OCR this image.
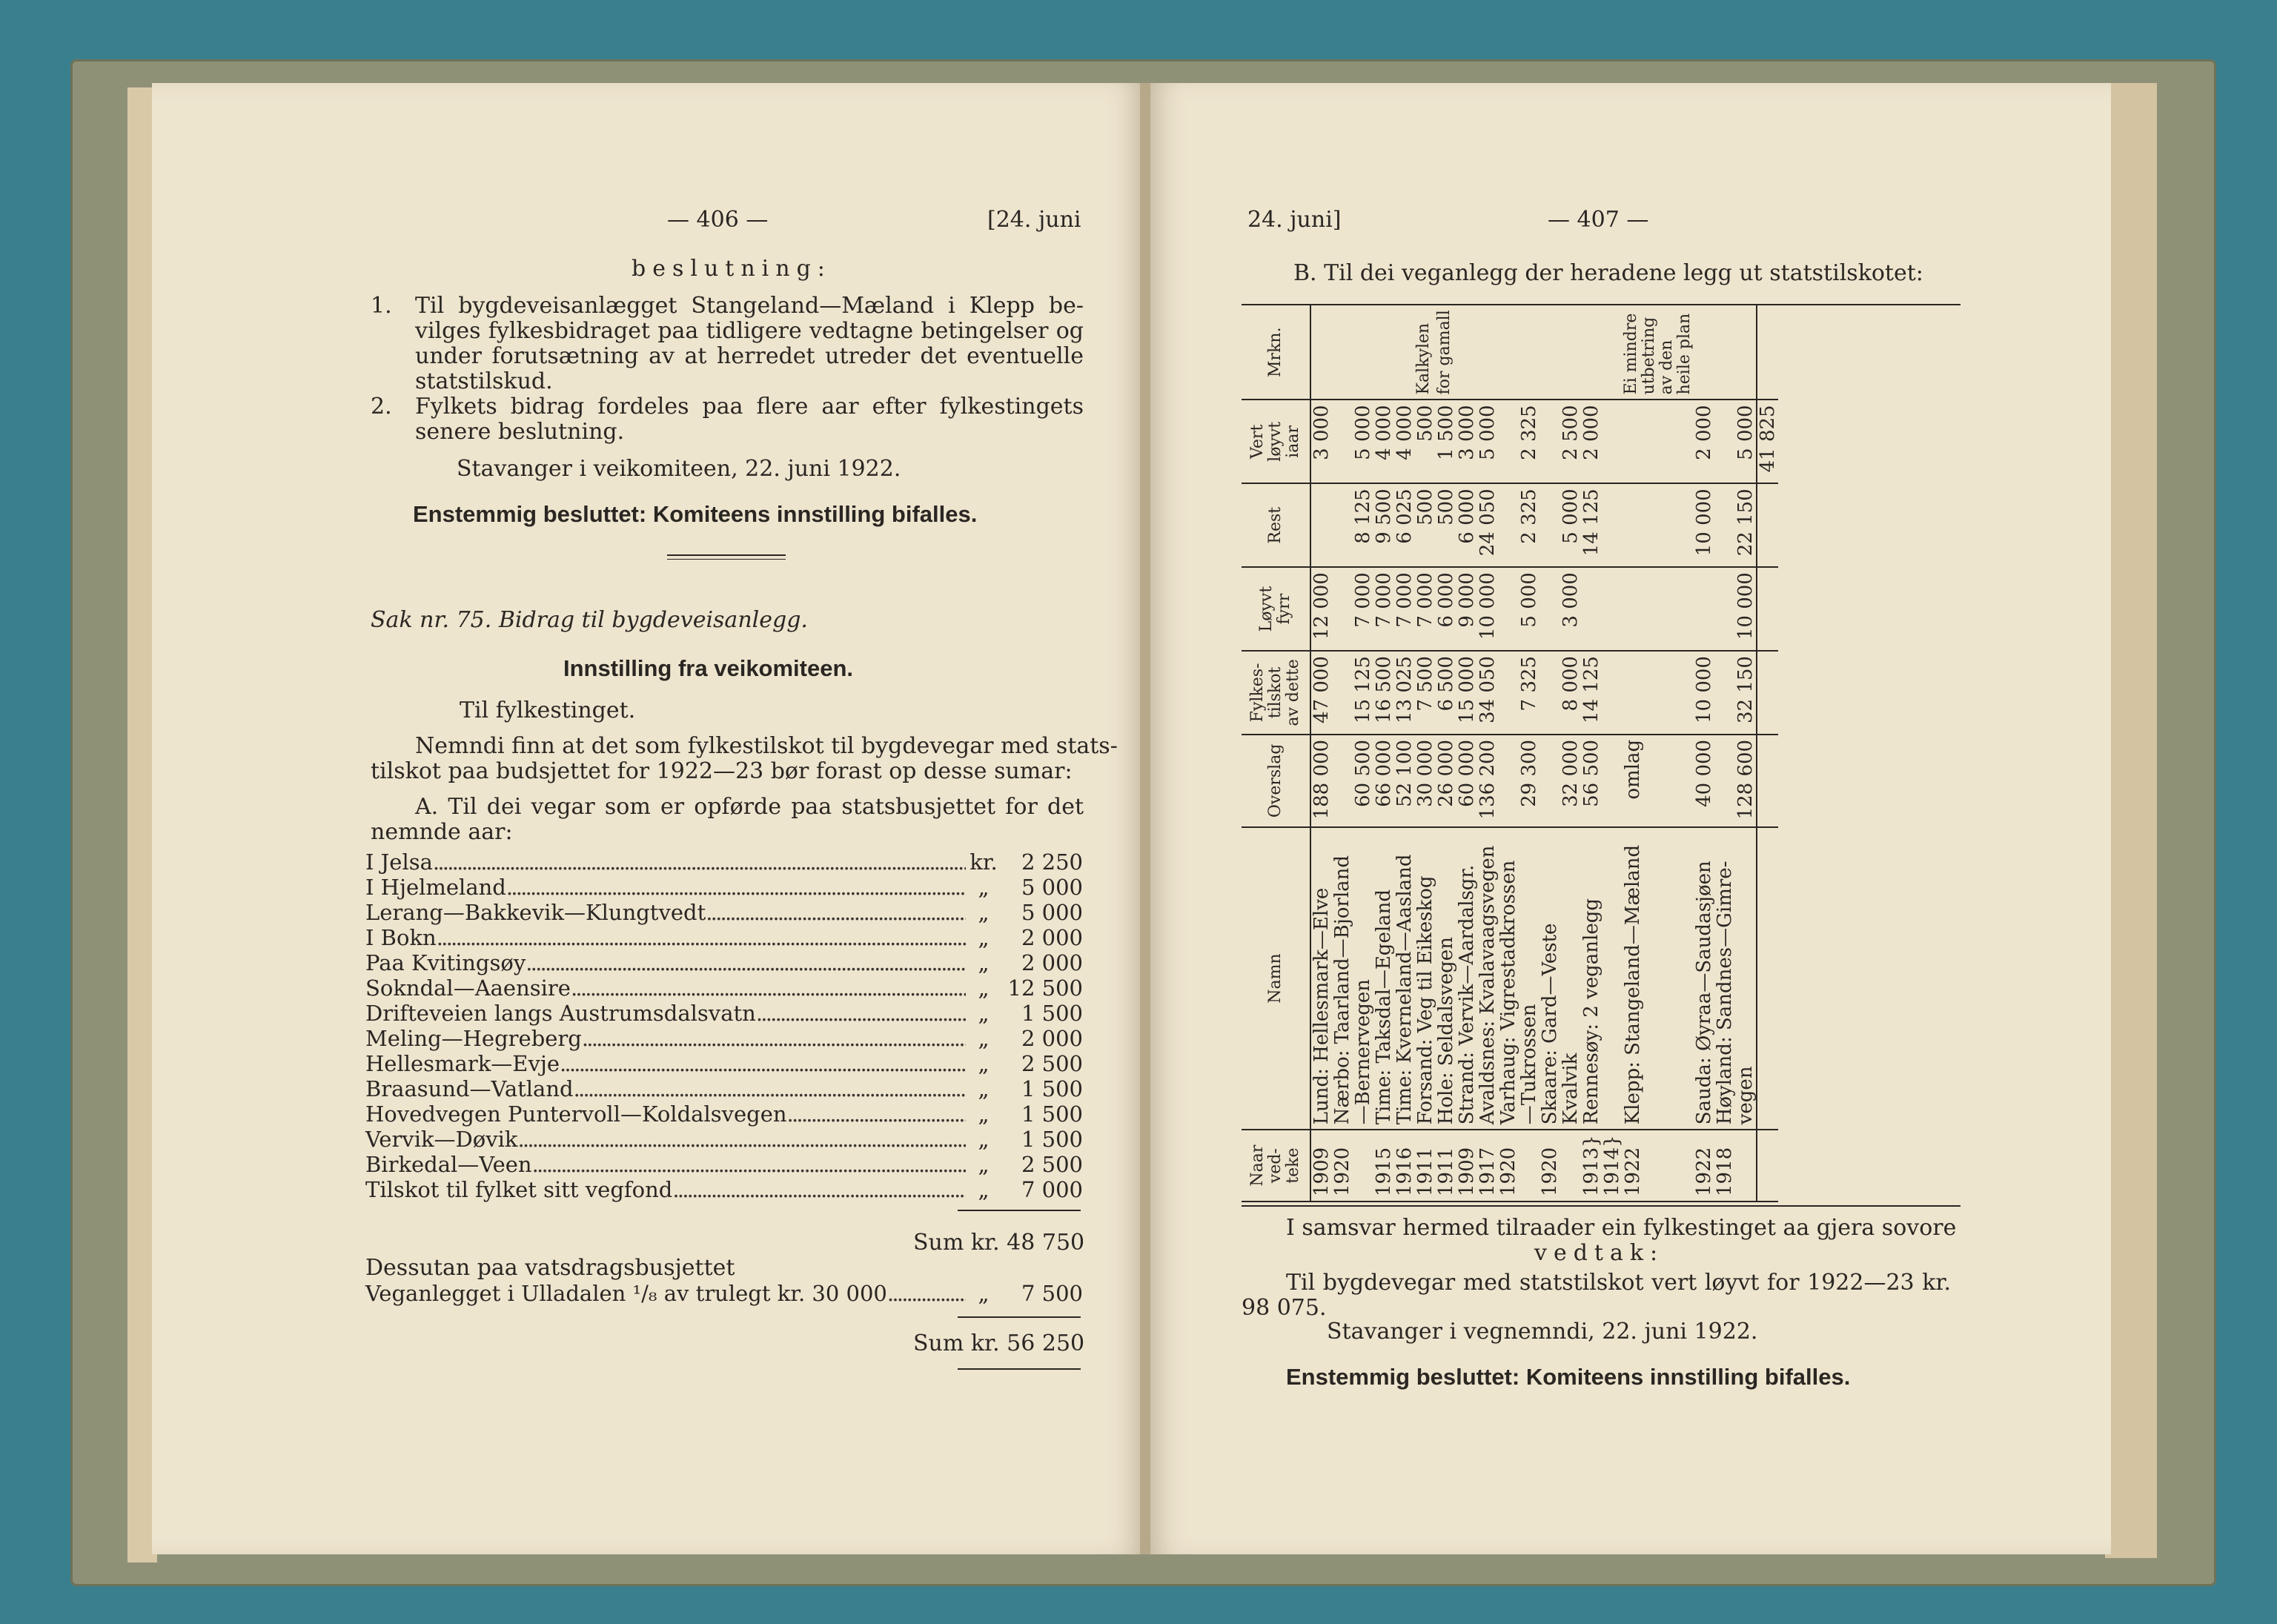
— 406 —	[24. juni
beslutning:
1. Til bygdeveisanlægget Stangeland—Mæland i Klepp be-
vilges fylkesbidraget paa tidligere vedtagne betingelser og
under forutsætning av at herredet utreder det eventuelle
statstilskud.
2. Fylkets bidrag fordeles paa flere aar efter fylkestingets
senere beslutning.
Stavanger i veikomiteen, 22. juni 1922.
Enstemmig besluttet: Komiteens innstilling bifalles.
Sak nr. 75. Bidrag til bygdeveisanlegg.
Innstilling fra veikomiteen.
Til fylkestinget.
Nemndi finn at det som fylkestilskot til bygdevegar med stats-
tilskot paa budsjettet for 1922—23 bør forast op desse sumar:
A. Til dei vegar som er opførde paa statsbusjettet for det
nemnde aar:
I Jelsa . . .	kr.	2 250
I Hjelmeland . . .	„	5 000
Lerang—Bakkevik—Klungtvedt . . .	„	5 000
I Bokn . . .	„	2 000
Paa Kvitingsøy . . .	„	2 000
Sokndal—Aaensire . . .	„ 12 500
Drifteveien langs Austrumsdalsvatn . . .	„	1 500
Meling—Hegreberg . . .	„	2 000
Hellesmark—Evje . . .	„	2 500
Braasund—Vatland . . .	„	1 500
Hovedvegen Puntervoll—Koldalsvegen . . .	„	1 500
Vervik—Døvik . . .	„	1 500
Birkedal—Veen . . .	„	2 500
Tilskot til fylket sitt vegfond . . .	„	7 000
Sum kr. 48 750
Dessutan paa vatsdragsbusjettet
Veganlegget i Ulladalen ¹/₈ av trulegt kr. 30 000 . . .	„	7 500
Sum kr. 56 250
24. juni]	— 407 —
B. Til dei veganlegg der heradene legg ut statstilskotet:
Naar ved-teke	Namn	Overslag	Fylkes-tilskot av dette	Løyvt fyrr	Rest	Vert løyvt iaar	Mrkn.
1909	Lund: Hellesmark—Elve	188 000	47 000	12 000		3 000	
1920	Nærbo: Taarland—Bjorland						
	—Bernervegen	60 500	15 125	7 000	8 125	5 000	
1915	Time: Taksdal—Egeland	66 000	16 500	7 000	9 500	4 000	
1916	Time: Kverneland—Aasland	52 100	13 025	7 000	6 025	4 000	
1911	Forsand: Veg til Eikeskog	30 000	7 500	7 000	500	500	Kalkylen
1911	Hole: Seldalsvegen	26 000	6 500	6 000	500	1 500	for gamall
1909	Strand: Vervik—Aardalsgr.	60 000	15 000	9 000	6 000	3 000	
1917	Avaldsnes: Kvalavaagsvegen	136 200	34 050	10 000	24 050	5 000	
1920	Varhaug: Vigrestadkrossen						
	—Tukrossen	29 300	7 325	5 000	2 325	2 325	
1920	Skaare: Gard—Veste						
	Kvalvik	32 000	8 000	3 000	5 000	2 500	
1913}	Rennesøy: 2 veganlegg	56 500	14 125		14 125	2 000	
1914}							
1922	Klepp: Stangeland—Mæland	omlag					Ei mindre utbetring av den heile plan
1922	Sauda: Øyraa—Saudasjøen	40 000	10 000		10 000	2 000	
1918	Høyland: Sandnes—Gimre-						
	vegen	128 600	32 150	10 000	22 150	5 000	
						41 825	
I samsvar hermed tilraader ein fylkestinget aa gjera sovore
vedtak:
Til bygdevegar med statstilskot vert løyvt for 1922—23 kr.
98 075.
Stavanger i vegnemndi, 22. juni 1922.
Enstemmig besluttet: Komiteens innstilling bifalles.
